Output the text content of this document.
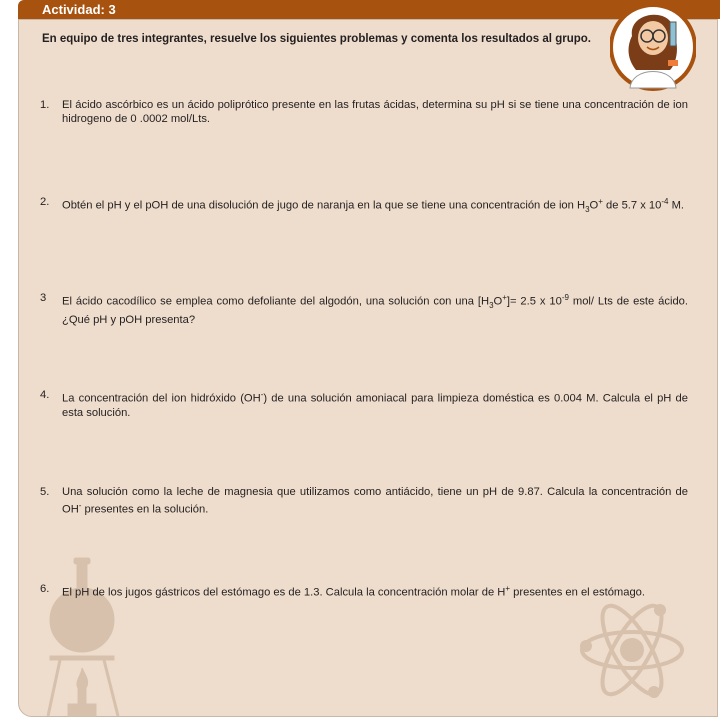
Actividad: 3
En equipo de tres integrantes, resuelve los siguientes problemas y comenta los resultados al grupo.
1. El ácido ascórbico es un ácido poliprótico presente en las frutas ácidas, determina su pH si se tiene una concentración de ion hidrogeno de 0 .0002 mol/Lts.
2. Obtén el pH y el pOH de una disolución de jugo de naranja en la que se tiene una concentración de ion $H_3O^+$ de 5.7 x $10^{-4}$ M.
3 El ácido cacodílico se emplea como defoliante del algodón, una solución con una $[H_3O^+]= 2.5$ x $10^{-9}$ mol/ Lts de este ácido. ¿Qué pH y pOH presenta?
4. La concentración del ion hidróxido (OH-) de una solución amoniacal para limpieza doméstica es 0.004 M. Calcula el pH de esta solución.
5. Una solución como la leche de magnesia que utilizamos como antiácido, tiene un pH de 9.87. Calcula la concentración de OH- presentes en la solución.
6. El pH de los jugos gástricos del estómago es de 1.3. Calcula la concentración molar de H+ presentes en el estómago.
